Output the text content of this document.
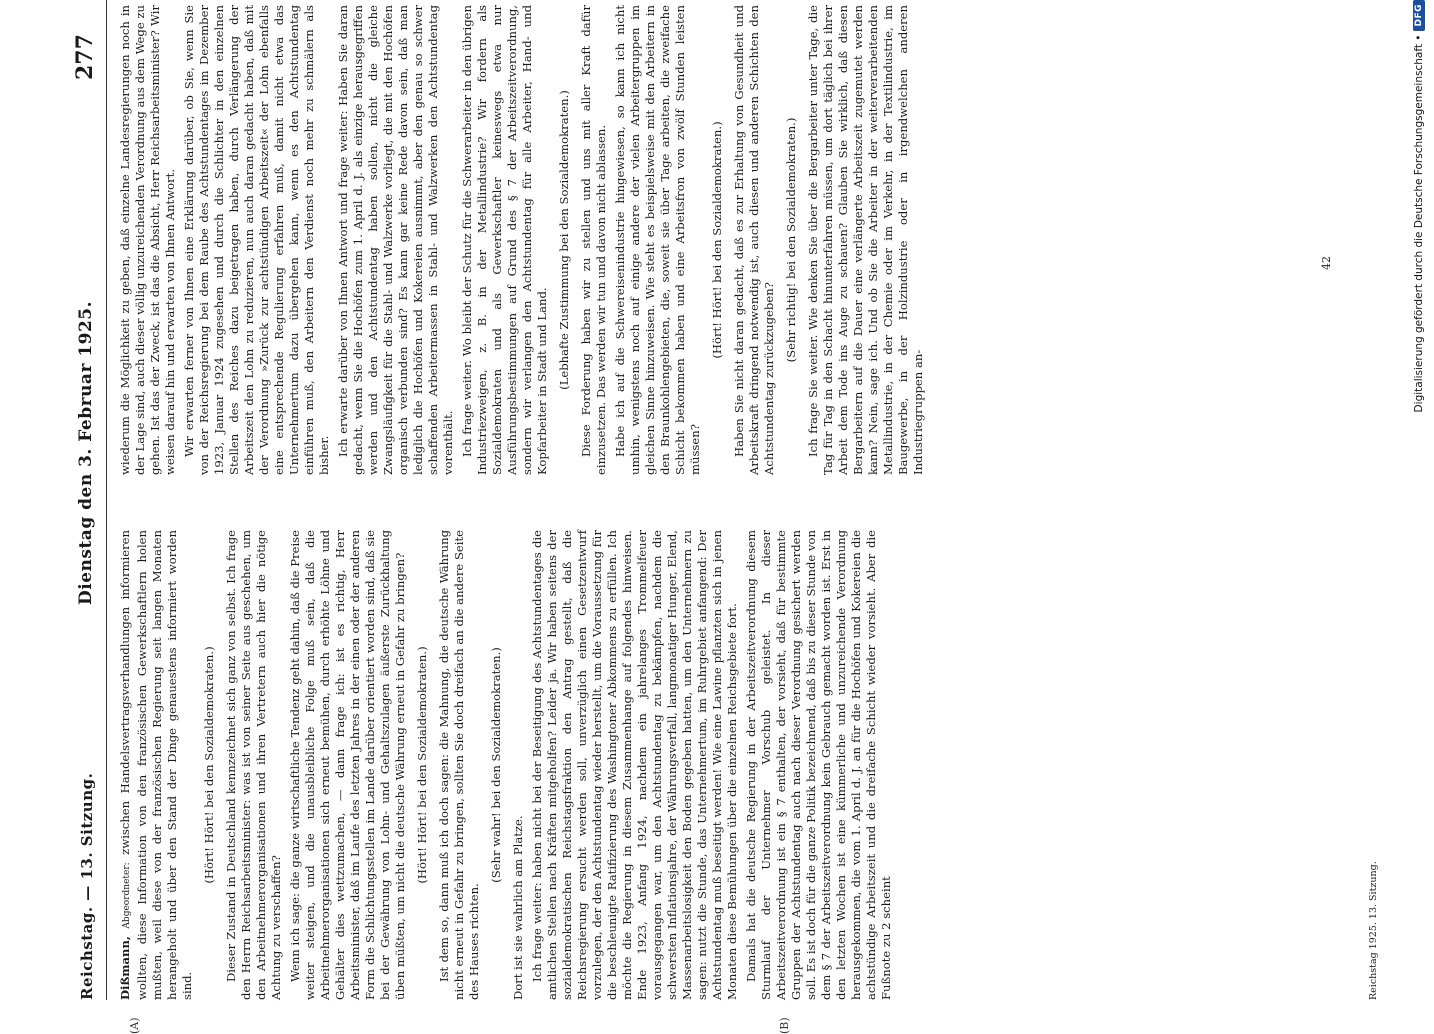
Reichstag. — 13. Sitzung.
Dienstag den 3. Februar 1925.
277

Dißmann, Abgeordneter: zwischen Handelsvertragsverhandlungen informieren wollten, diese Information von den französischen Gewerkschaftlern holen mußten, weil diese von der französischen Regierung seit langen Monaten herangeholt und über den Stand der Dinge genauestens informiert worden sind.

(Hört! Hört! bei den Sozialdemokraten.) Dieser Zustand in Deutschland kennzeichnet sich ganz von selbst. Ich frage den Herrn Reichsarbeitsminister: was ist von seiner Seite aus geschehen, um den Arbeitnehmerorganisationen und ihren Vertretern auch hier die nötige Achtung zu verschaffen? Wenn ich sage: die ganze wirtschaftliche Tendenz geht dahin, daß die Preise weiter steigen, und die unausbleibliche Folge muß sein, daß die Arbeitnehmerorganisationen sich erneut bemühen, durch erhöhte Löhne und Gehälter dies wettzumachen, — dann frage ich: ist es richtig, Herr Arbeitsminister, daß im Laufe des letzten Jahres in der einen oder der anderen Form die Schlichtungsstellen im Lande darüber orientiert worden sind, daß sie bei der Gewährung von Lohn- und Gehaltszulagen äußerste Zurückhaltung üben müßten, um nicht die deutsche Währung erneut in Gefahr zu bringen? (Hört! Hört! bei den Sozialdemokraten.) Ist dem so, dann muß ich doch sagen: die Mahnung, die deutsche Währung nicht erneut in Gefahr zu bringen, sollten Sie doch dreifach an die andere Seite des Hauses richten.

(Sehr wahr! bei den Sozialdemokraten.)

Dort ist sie wahrlich am Platze. Ich frage weiter: haben nicht bei der Beseitigung des Achtstundentages die amtlichen Stellen nach Kräften mitgeholfen? Leider ja. Wir haben seitens der sozialdemokratischen Reichstagsfraktion den Antrag gestellt, daß die Reichsregierung ersucht werden soll, unverzüglich einen Gesetzentwurf vorzulegen, der den Achtstundentag wieder herstellt, um die Voraussetzung für die beschleunigte Ratifizierung des Washingtoner Abkommens zu erfüllen. Ich möchte die Regierung in diesem Zusammenhange auf folgendes hinweisen. Ende 1923, Anfang 1924, nachdem ein jahrelanges Trommelfeuer vorausgegangen war, um den Achtstundentag zu bekämpfen, nachdem die schwersten Inflationsjahre, der Währungsverfall, langmonatiger Hunger, Elend, Massenarbeitslosigkeit den Boden gegeben hatten, um den Unternehmern zu sagen: nutzt die Stunde, das Unternehmertum, im Ruhrgebiet anfangend: Der Achtstundentag muß beseitigt werden! Wie eine Lawine pflanzten sich in jenen Monaten diese Bemühungen über die einzelnen Reichsgebiete fort. Damals hat die deutsche Regierung in der Arbeitszeitverordnung diesem Sturmlauf der Unternehmer Vorschub geleistet. In dieser Arbeitszeitverordnung ist ein § 7 enthalten, der vorsieht, daß für bestimmte Gruppen der Achtstundentag auch nach dieser Verordnung gesichert werden soll. Es ist doch für die ganze Politik bezeichnend, daß bis zu dieser Stunde von dem § 7 der Arbeitszeitverordnung kein Gebrauch gemacht worden ist. Erst in den letzten Wochen ist eine kümmerliche und unzureichende Verordnung herausgekommen, die vom 1. April d. J. an für die Hochöfen und Kokereien die achtstündige Arbeitszeit und die dreifache Schicht wieder vorsieht. Aber die Fußnote zu 2 scheint

wiederum die Möglichkeit zu geben, daß einzelne Landesregierungen noch in der Lage sind, auch dieser völlig unzureichenden Verordnung aus dem Wege zu gehen. Ist das der Zweck, ist das die Absicht, Herr Reichsarbeitsminister? Wir weisen darauf hin und erwarten von Ihnen Antwort. Wir erwarten ferner von Ihnen eine Erklärung darüber, ob Sie, wenn Sie von der Reichsregierung bei dem Raube des Achtstundentages im Dezember 1923, Januar 1924 zugesehen und durch die Schlichter in den einzelnen Stellen des Reiches dazu beigetragen haben, durch Verlängerung der Arbeitszeit den Lohn zu reduzieren, nun auch daran gedacht haben, daß mit der Verordnung »Zurück zur achtstündigen Arbeitszeit« der Lohn ebenfalls eine entsprechende Regulierung erfahren muß, damit nicht etwa das Unternehmertum dazu übergehen kann, wenn es den Achtstundentag einführen muß, den Arbeitern den Verdienst noch mehr zu schmälern als bisher. Ich erwarte darüber von Ihnen Antwort und frage weiter: Haben Sie daran gedacht, wenn Sie die Hochöfen zum 1. April d. J. als einzige herausgegriffen werden und den Achtstundentag haben sollen, nicht die gleiche Zwangsläufigkeit für die Stahl- und Walzwerke vorliegt, die mit den Hochöfen organisch verbunden sind? Es kann gar keine Rede davon sein, daß man lediglich die Hochöfen und Kokereien ausnimmt, aber den genau so schwer schaffenden Arbeitermassen in Stahl- und Walzwerken den Achtstundentag vorenthält. Ich frage weiter. Wo bleibt der Schutz für die Schwerarbeiter in den übrigen Industriezweigen, z. B. in der Metallindustrie? Wir fordern als Sozialdemokraten und als Gewerkschaftler keineswegs etwa nur Ausführungsbestimmungen auf Grund des § 7 der Arbeitszeitverordnung, sondern wir verlangen den Achtstundentag für alle Arbeiter, Hand- und Kopfarbeiter in Stadt und Land. (Lebhafte Zustimmung bei den Sozialdemokraten.) Diese Forderung haben wir zu stellen und uns mit aller Kraft dafür einzusetzen. Das werden wir tun und davon nicht ablassen. Habe ich auf die Schwereisenindustrie hingewiesen, so kann ich nicht umhin, wenigstens noch auf einige andere der vielen Arbeitergruppen im gleichen Sinne hinzuweisen. Wie steht es beispielsweise mit den Arbeitern in den Braunkohlengebieten, die, soweit sie über Tage arbeiten, die zweifache Schicht bekommen haben und eine Arbeitsfron von zwölf Stunden leisten müssen?

(Hört! Hört! bei den Sozialdemokraten.) Haben Sie nicht daran gedacht, daß es zur Erhaltung von Gesundheit und Arbeitskraft dringend notwendig ist, auch diesen und anderen Schichten den Achtstundentag zurückzugeben?

(Sehr richtig! bei den Sozialdemokraten.) Ich frage Sie weiter. Wie denken Sie über die Bergarbeiter unter Tage, die Tag für Tag in den Schacht hinunterfahren müssen, um dort täglich bei ihrer Arbeit dem Tode ins Auge zu schauen? Glauben Sie wirklich, daß diesen Bergarbeitern auf die Dauer eine verlängerte Arbeitszeit zugemutet werden kann? Nein, sage ich. Und ob Sie die Arbeiter in der weiterverarbeitenden Metallindustrie, in der Chemie oder im Verkehr, in der Textilindustrie, im Baugewerbe, in der Holzindustrie oder in irgendwelchen anderen Industriegruppen an-

(A)	(B)
Reichstag 1925. 13. Sitzung.
42	Digitalisierung gefördert durch die Deutsche Forschungsgemeinschaft •
DFG
